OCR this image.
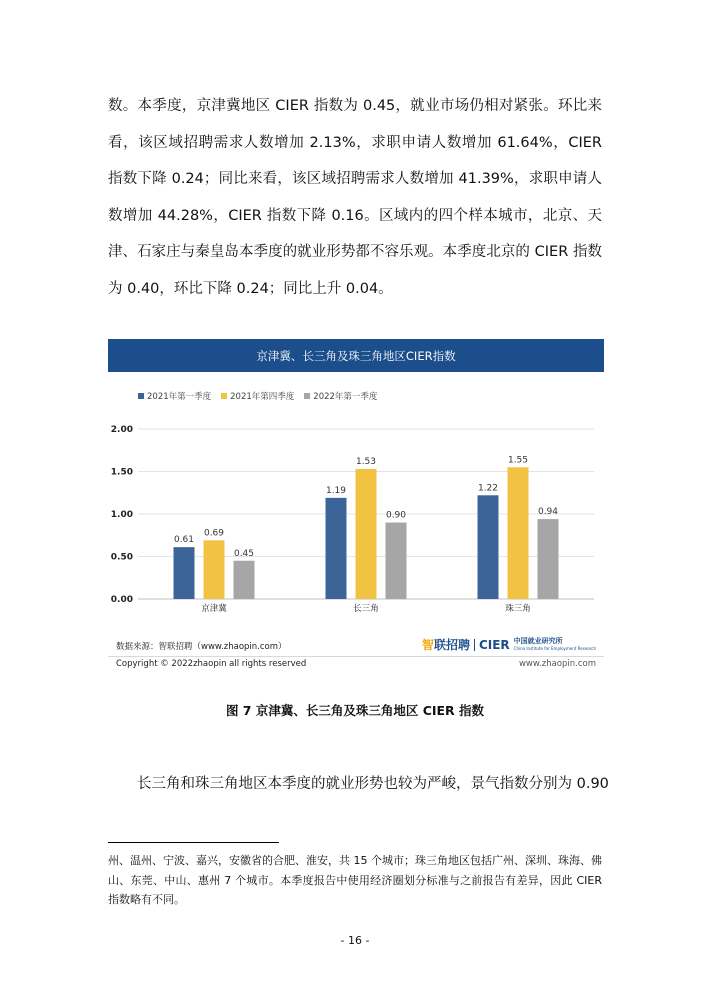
数。本季度，京津冀地区 CIER 指数为 0.45，就业市场仍相对紧张。环比来看，该区域招聘需求人数增加 2.13%，求职申请人数增加 61.64%，CIER 指数下降 0.24；同比来看，该区域招聘需求人数增加 41.39%，求职申请人数增加 44.28%，CIER 指数下降 0.16。区域内的四个样本城市，北京、天津、石家庄与秦皇岛本季度的就业形势都不容乐观。本季度北京的 CIER 指数为 0.40，环比下降 0.24；同比上升 0.04。

京津冀、长三角及珠三角地区CIER指数
2021年第一季度 2021年第四季度 2022年第一季度
0.00
0.50
1.00
1.50
2.00
0.61
0.69
0.45
京津冀
1.19
1.53
0.90
长三角
1.22
1.55
0.94
珠三角
数据来源：智联招聘（www.zhaopin.com）	智联招聘 CIER 中国就业研究所
China Institute for Employment Research
Copyright © 2022zhaopin all rights reserved	www.zhaopin.com
图 7 京津冀、长三角及珠三角地区 CIER 指数

长三角和珠三角地区本季度的就业形势也较为严峻，景气指数分别为 0.90

州、温州、宁波、嘉兴，安徽省的合肥、淮安，共 15 个城市；珠三角地区包括广州、深圳、珠海、佛山、东莞、中山、惠州 7 个城市。本季度报告中使用经济圈划分标准与之前报告有差异，因此 CIER 指数略有不同。

- 16 -
